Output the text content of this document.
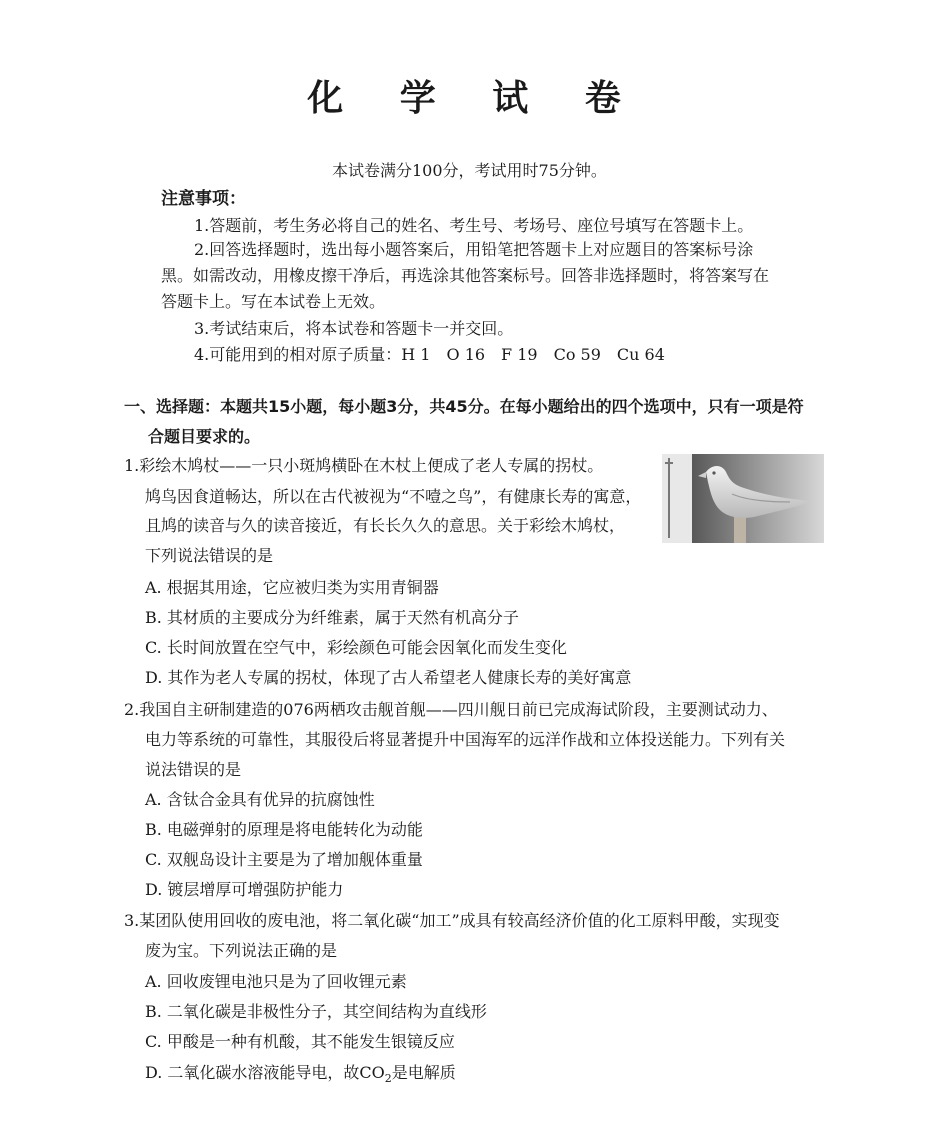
化 学 试 卷
本试卷满分100分，考试用时75分钟。
注意事项：
1.答题前，考生务必将自己的姓名、考生号、考场号、座位号填写在答题卡上。
2.回答选择题时，选出每小题答案后，用铅笔把答题卡上对应题目的答案标号涂
黑。如需改动，用橡皮擦干净后，再选涂其他答案标号。回答非选择题时，将答案写在
答题卡上。写在本试卷上无效。
3.考试结束后，将本试卷和答题卡一并交回。
4.可能用到的相对原子质量：H 1　O 16　F 19　Co 59　Cu 64
一、选择题：本题共15小题，每小题3分，共45分。在每小题给出的四个选项中，只有一项是符
合题目要求的。
1.彩绘木鸠杖——一只小斑鸠横卧在木杖上便成了老人专属的拐杖。
鸠鸟因食道畅达，所以在古代被视为“不噎之鸟”，有健康长寿的寓意，
且鸠的读音与久的读音接近，有长长久久的意思。关于彩绘木鸠杖，
下列说法错误的是
A. 根据其用途，它应被归类为实用青铜器
B. 其材质的主要成分为纤维素，属于天然有机高分子
C. 长时间放置在空气中，彩绘颜色可能会因氧化而发生变化
D. 其作为老人专属的拐杖，体现了古人希望老人健康长寿的美好寓意
2.我国自主研制建造的076两栖攻击舰首舰——四川舰日前已完成海试阶段，主要测试动力、
电力等系统的可靠性，其服役后将显著提升中国海军的远洋作战和立体投送能力。下列有关
说法错误的是
A. 含钛合金具有优异的抗腐蚀性
B. 电磁弹射的原理是将电能转化为动能
C. 双舰岛设计主要是为了增加舰体重量
D. 镀层增厚可增强防护能力
3.某团队使用回收的废电池，将二氧化碳“加工”成具有较高经济价值的化工原料甲酸，实现变
废为宝。下列说法正确的是
A. 回收废锂电池只是为了回收锂元素
B. 二氧化碳是非极性分子，其空间结构为直线形
C. 甲酸是一种有机酸，其不能发生银镜反应
D. 二氧化碳水溶液能导电，故$CO_2$是电解质
